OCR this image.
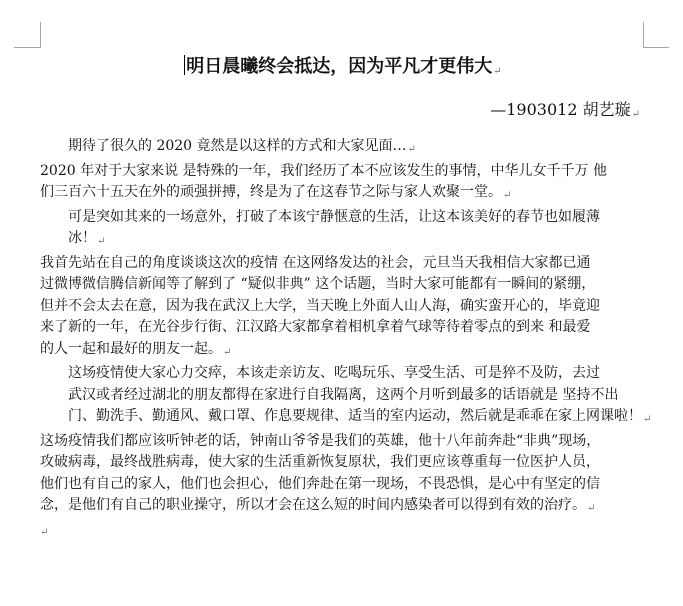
明日晨曦终会抵达，因为平凡才更伟大↵

—1903012 胡艺璇↵

期待了很久的 2020 竟然是以这样的方式和大家见面…↵

2020 年对于大家来说 是特殊的一年，我们经历了本不应该发生的事情，中华儿女千千万 他
们三百六十五天在外的顽强拼搏，终是为了在这春节之际与家人欢聚一堂。↵

可是突如其来的一场意外，打破了本该宁静惬意的生活，让这本该美好的春节也如履薄
冰！↵

我首先站在自己的角度谈谈这次的疫情 在这网络发达的社会，元旦当天我相信大家都已通
过微博微信腾信新闻等了解到了 “疑似非典” 这个话题，当时大家可能都有一瞬间的紧绷，
但并不会太去在意，因为我在武汉上大学，当天晚上外面人山人海，确实蛮开心的，毕竟迎
来了新的一年，在光谷步行街、江汉路大家都拿着相机拿着气球等待着零点的到来 和最爱
的人一起和最好的朋友一起。↵

这场疫情使大家心力交瘁，本该走亲访友、吃喝玩乐、享受生活、可是猝不及防，去过
武汉或者经过湖北的朋友都得在家进行自我隔离，这两个月听到最多的话语就是 坚持不出
门、勤洗手、勤通风、戴口罩、作息要规律、适当的室内运动，然后就是乖乖在家上网课啦！↵

这场疫情我们都应该听钟老的话，钟南山爷爷是我们的英雄，他十八年前奔赴“非典”现场，
攻破病毒，最终战胜病毒，使大家的生活重新恢复原状，我们更应该尊重每一位医护人员，
他们也有自己的家人，他们也会担心，他们奔赴在第一现场，不畏恐惧，是心中有坚定的信
念，是他们有自己的职业操守，所以才会在这么短的时间内感染者可以得到有效的治疗。↵

↵
